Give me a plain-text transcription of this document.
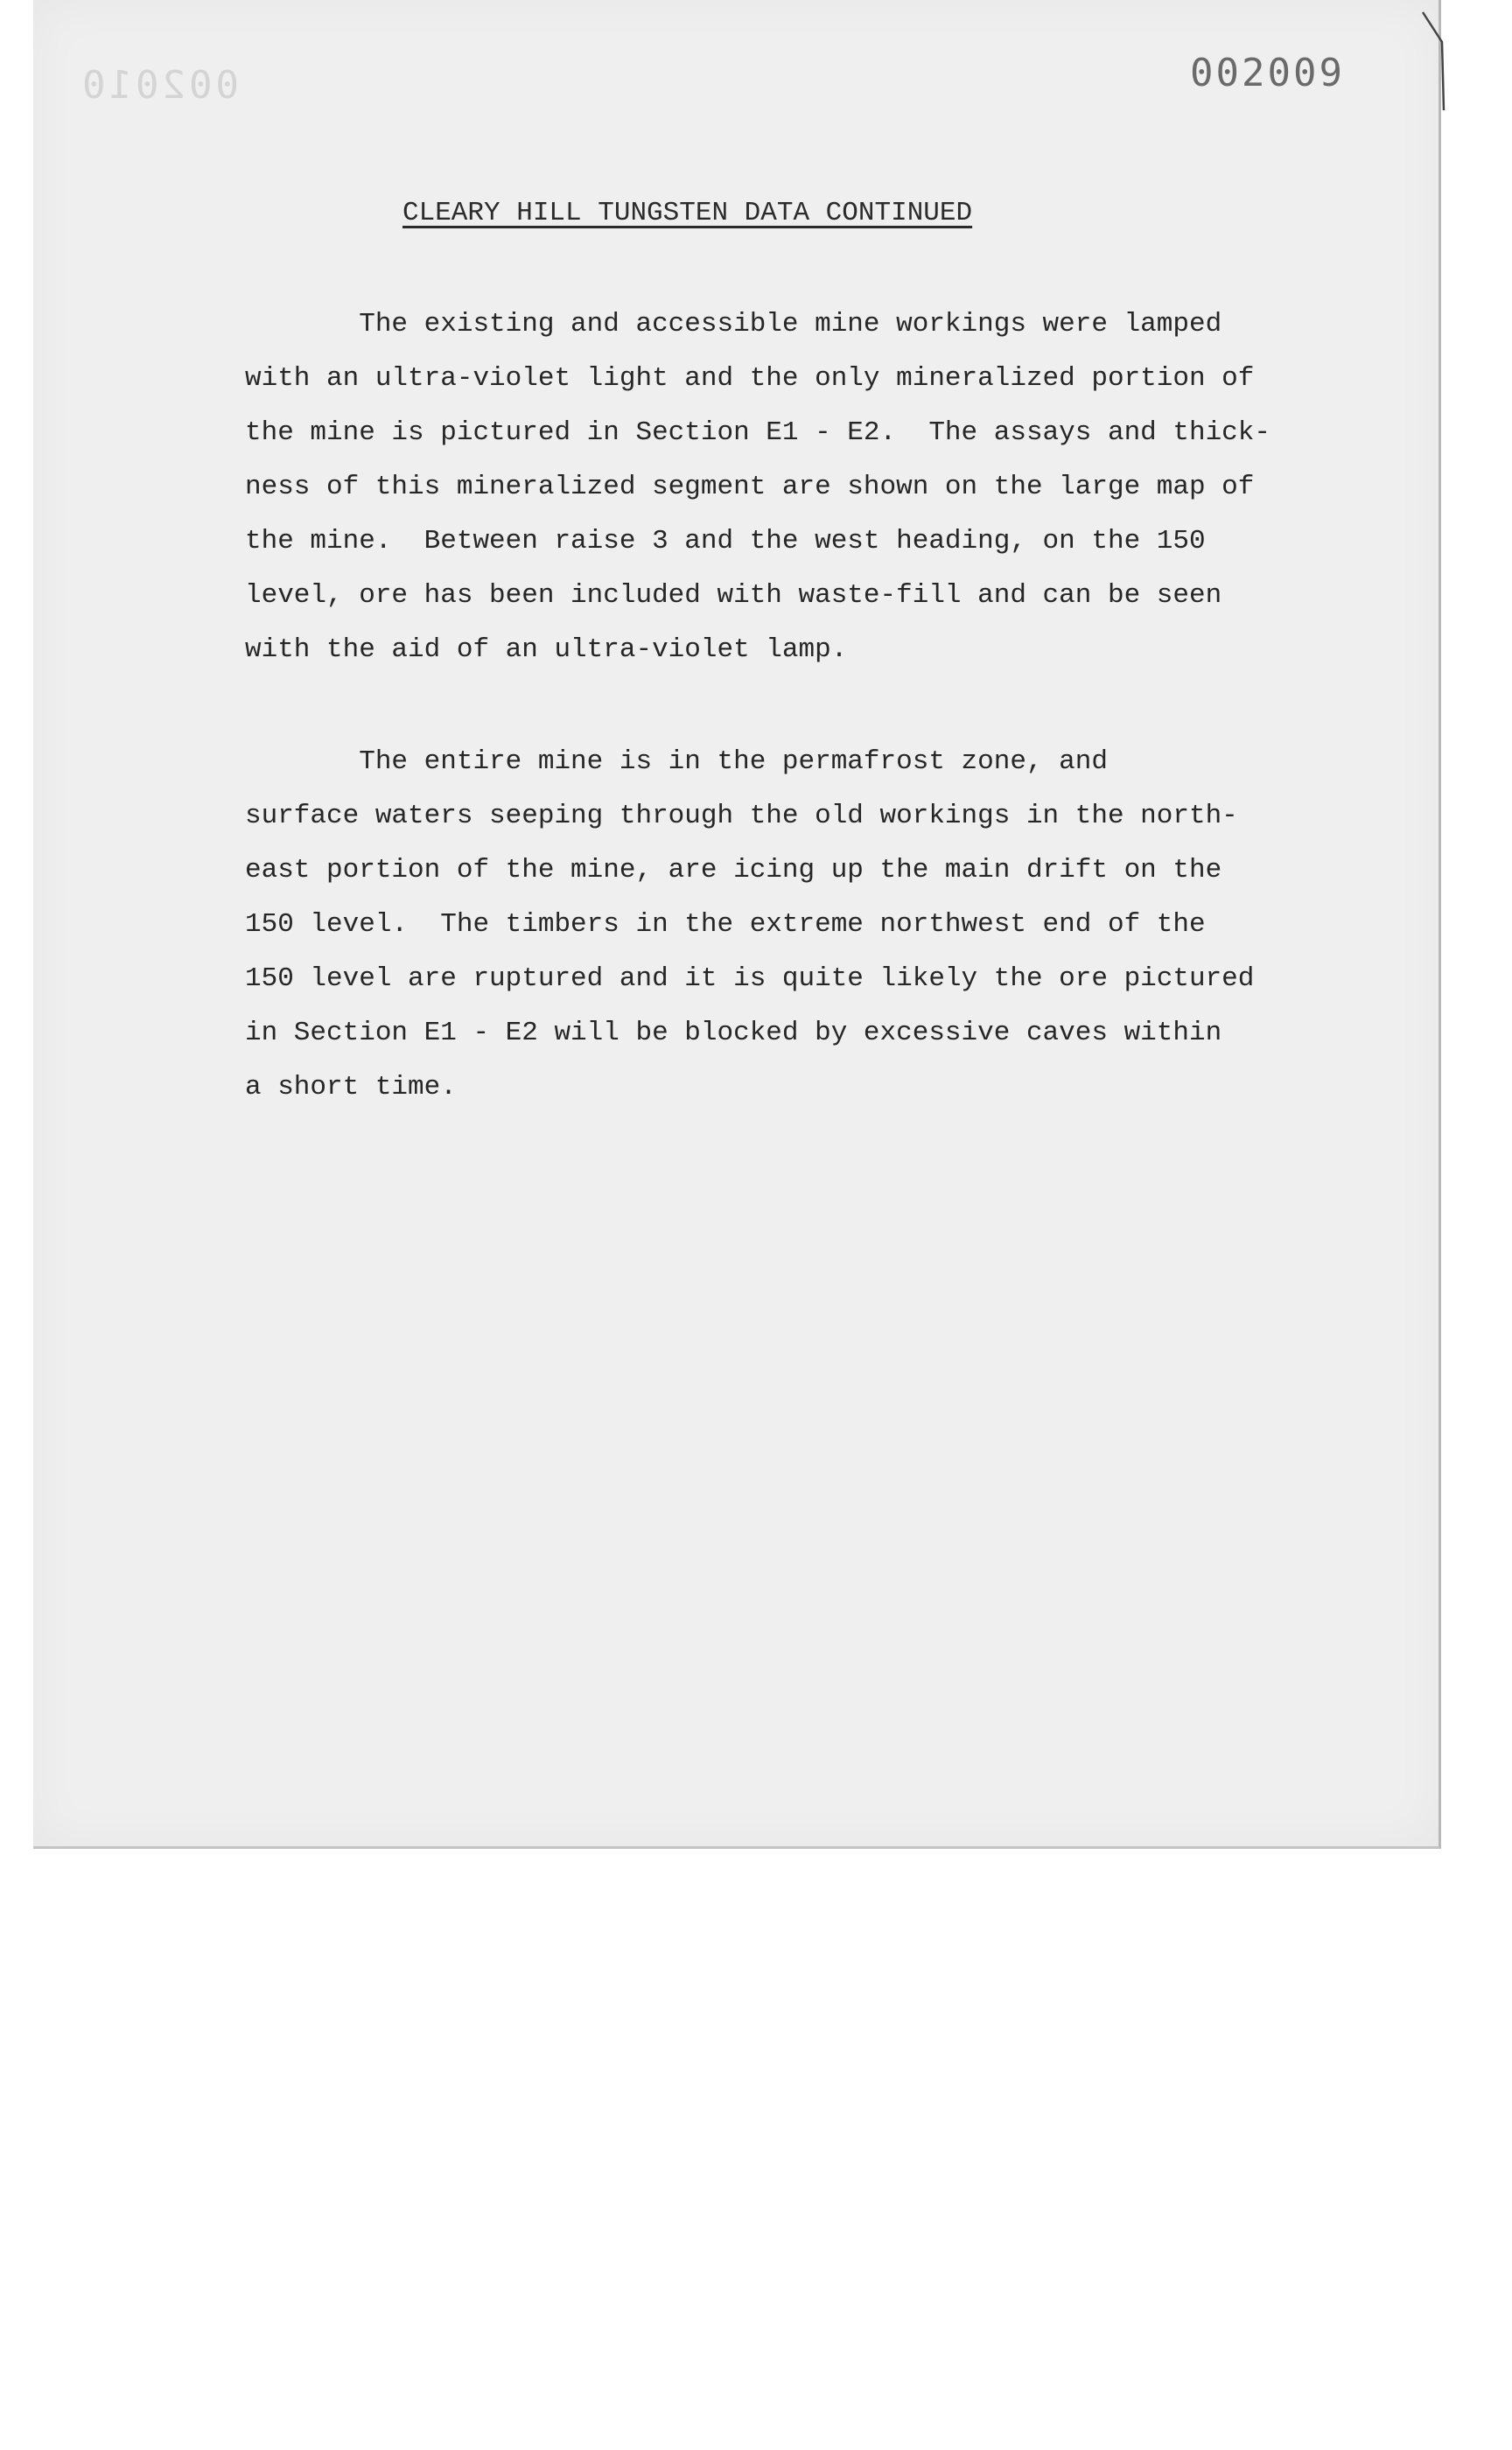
002010	002009
CLEARY HILL TUNGSTEN DATA CONTINUED
The existing and accessible mine workings were lamped
with an ultra-violet light and the only mineralized portion of
the mine is pictured in Section E1 - E2.  The assays and thick-
ness of this mineralized segment are shown on the large map of
the mine.  Between raise 3 and the west heading, on the 150
level, ore has been included with waste-fill and can be seen
with the aid of an ultra-violet lamp.
The entire mine is in the permafrost zone, and
surface waters seeping through the old workings in the north-
east portion of the mine, are icing up the main drift on the
150 level.  The timbers in the extreme northwest end of the
150 level are ruptured and it is quite likely the ore pictured
in Section E1 - E2 will be blocked by excessive caves within
a short time.
